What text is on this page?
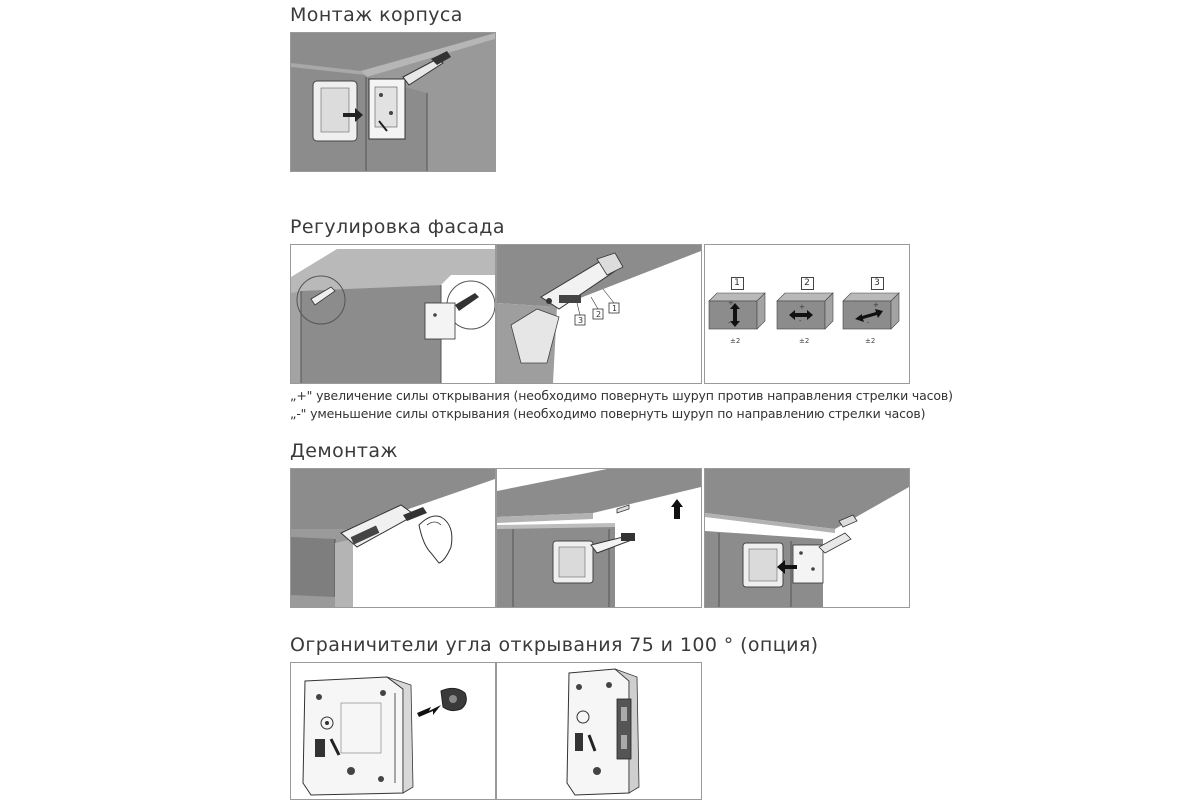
Монтаж корпуса
Регулировка фасада
3
2
1
1	2	3
+
-
+
-
+
-
±2	±2	±2
„+" увеличение силы открывания (необходимо повернуть шуруп против направления стрелки часов)
„-" уменьшение силы открывания (необходимо повернуть шуруп по направлению стрелки часов)
Демонтаж
Ограничители угла открывания 75 и 100 ° (опция)
